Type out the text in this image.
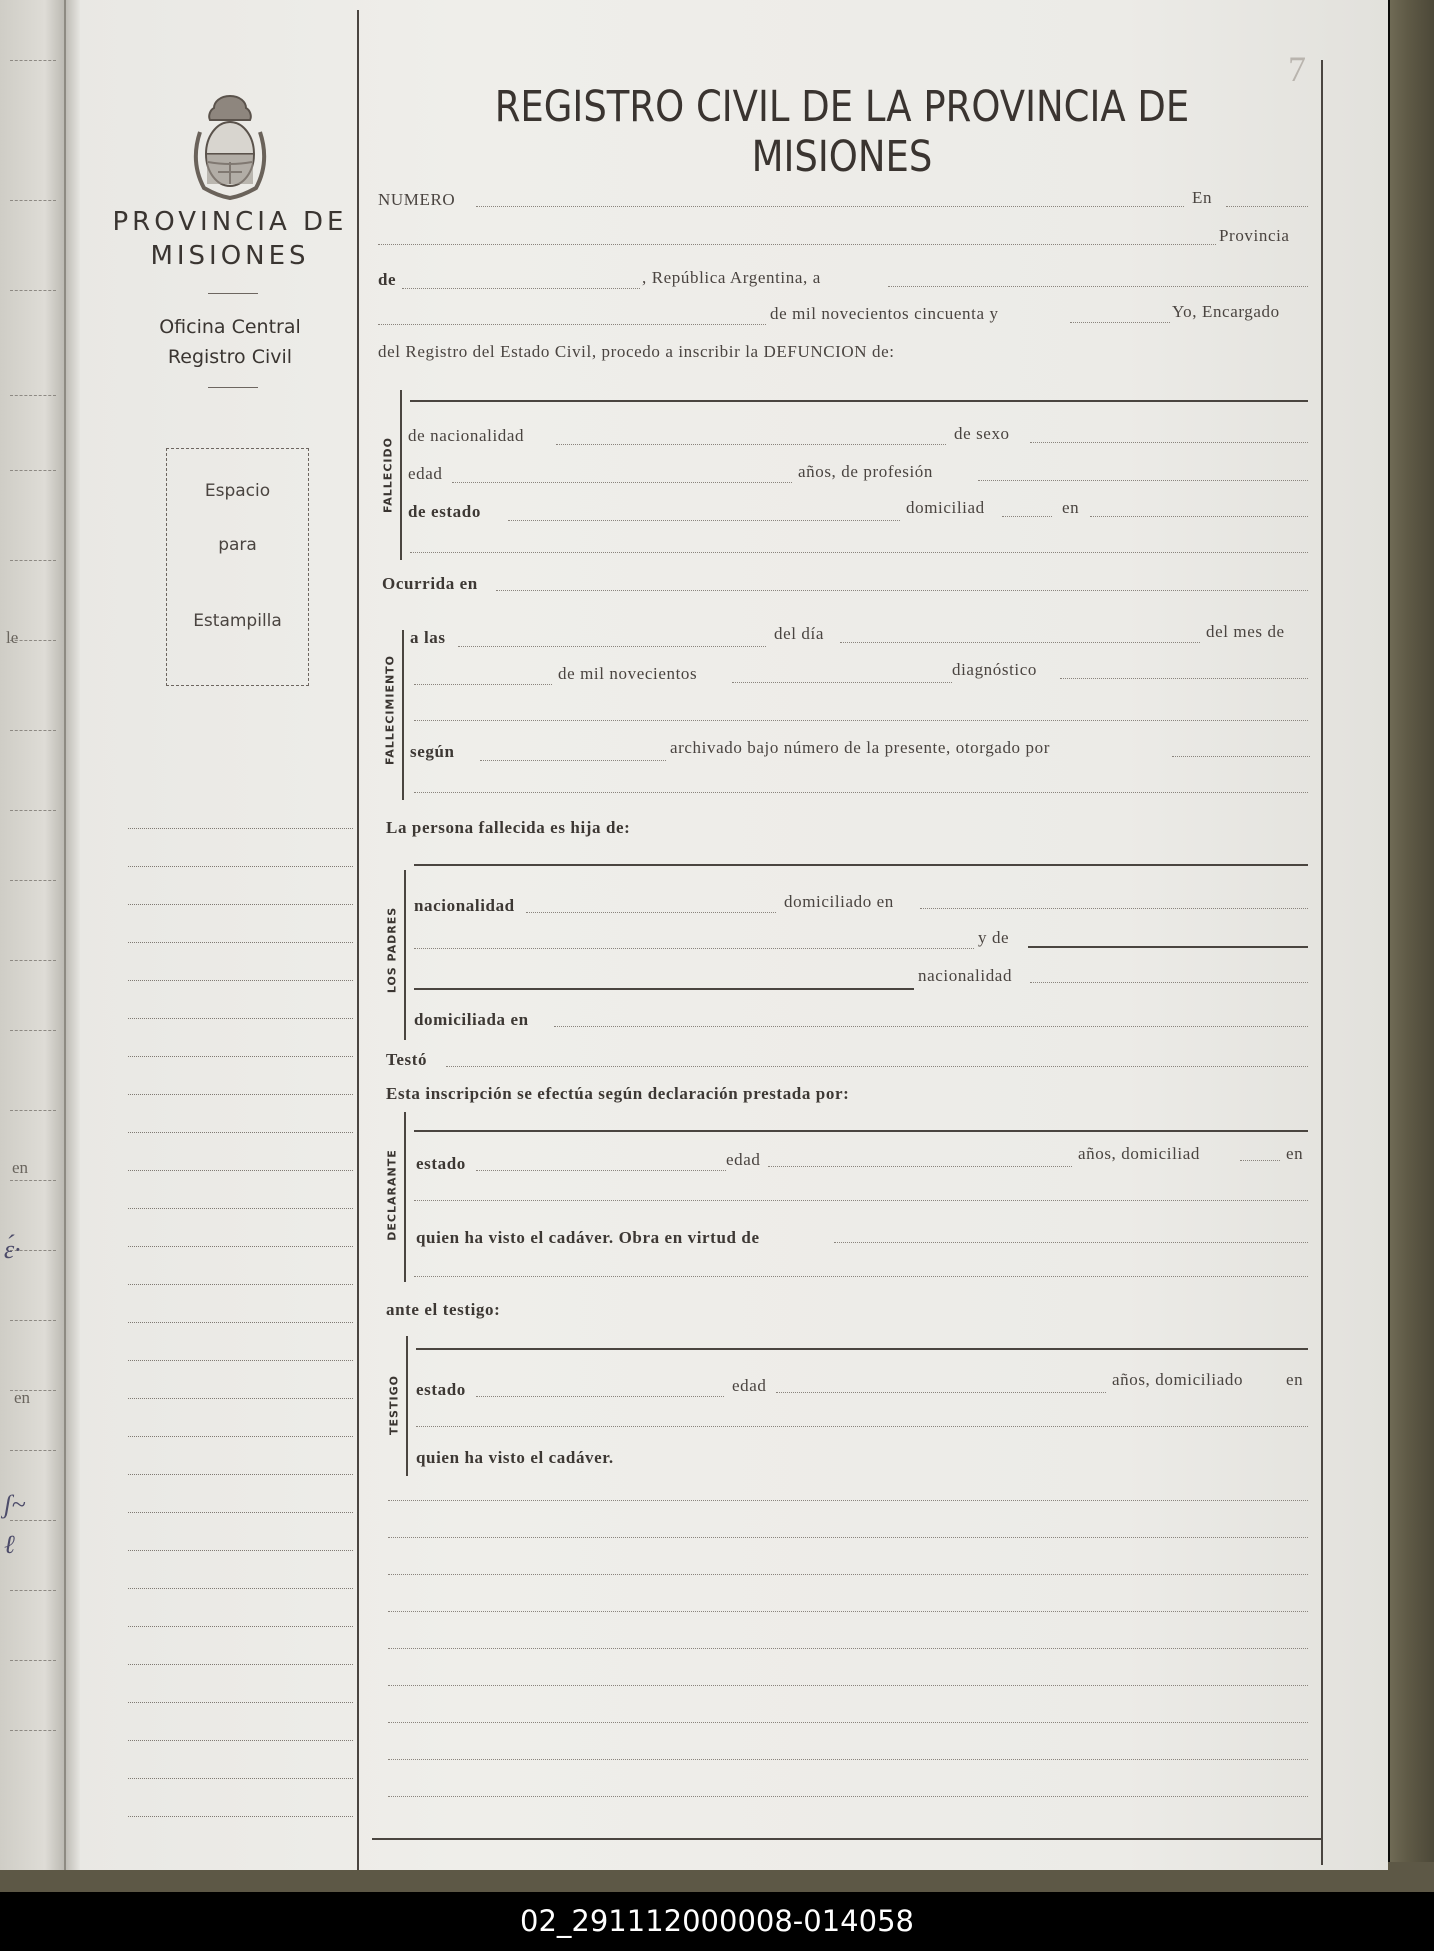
le
en
en
ɛ́·
ʃ~
ℓ
PROVINCIA DE
MISIONES
Oficina Central
Registro Civil
Espacio
para
Estampilla
REGISTRO CIVIL DE LA PROVINCIA DE MISIONES
7
NUMERO	En
Provincia
de	, República Argentina, a
de mil novecientos cincuenta y	Yo, Encargado
del Registro del Estado Civil, procedo a inscribir la DEFUNCION de:
FALLECIDO
de nacionalidad	de sexo
edad	años, de profesión
de estado	domiciliad	en
Ocurrida en
FALLECIMIENTO
a las	del día	del mes de
de mil novecientos	diagnóstico
según	archivado bajo número de la presente, otorgado por
La persona fallecida es hija de:
LOS PADRES
nacionalidad	domiciliado en
y de
nacionalidad
domiciliada en
Testó
Esta inscripción se efectúa según declaración prestada por:
DECLARANTE estado	edad	años, domiciliad	en
quien ha visto el cadáver. Obra en virtud de
ante el testigo:
TESTIGO estado	edad	años, domiciliado	en
quien ha visto el cadáver.
02_291112000008-014058
